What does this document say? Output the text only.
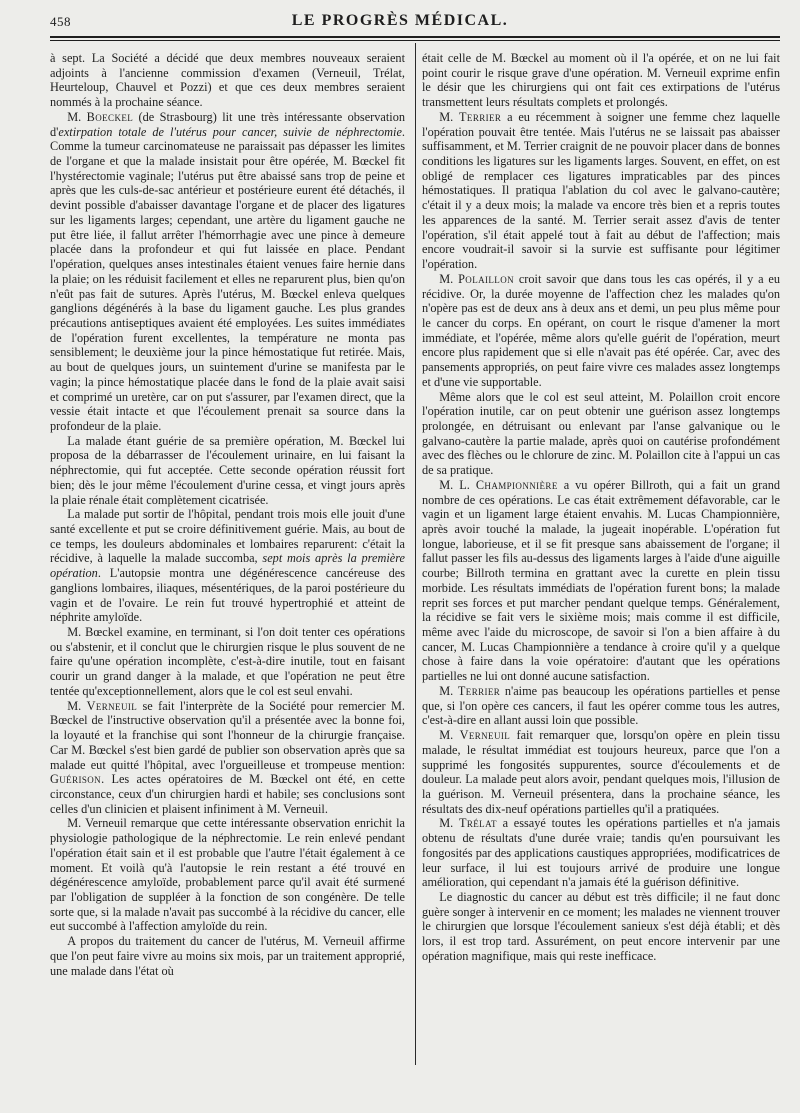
458	LE PROGRÈS MÉDICAL.

à sept. La Société a décidé que deux membres nouveaux seraient adjoints à l'ancienne commission d'examen (Verneuil, Trélat, Heurteloup, Chauvel et Pozzi) et que ces deux membres seraient nommés à la prochaine séance.

M. Boeckel (de Strasbourg) lit une très intéressante observation d'extirpation totale de l'utérus pour cancer, suivie de néphrectomie. Comme la tumeur carcinomateuse ne paraissait pas dépasser les limites de l'organe et que la malade insistait pour être opérée, M. Bœckel fit l'hystérectomie vaginale; l'utérus put être abaissé sans trop de peine et après que les culs-de-sac antérieur et postérieure eurent été détachés, il devint possible d'abaisser davantage l'organe et de placer des ligatures sur les ligaments larges; cependant, une artère du ligament gauche ne put être liée, il fallut arrêter l'hémorrhagie avec une pince à demeure placée dans la profondeur et qui fut laissée en place. Pendant l'opération, quelques anses intestinales étaient venues faire hernie dans la plaie; on les réduisit facilement et elles ne reparurent plus, bien qu'on n'eût pas fait de sutures. Après l'utérus, M. Bœckel enleva quelques ganglions dégénérés à la base du ligament gauche. Les plus grandes précautions antiseptiques avaient été employées. Les suites immédiates de l'opération furent excellentes, la température ne monta pas sensiblement; le deuxième jour la pince hémostatique fut retirée. Mais, au bout de quelques jours, un suintement d'urine se manifesta par le vagin; la pince hémostatique placée dans le fond de la plaie avait saisi et comprimé un uretère, car on put s'assurer, par l'examen direct, que la vessie était intacte et que l'écoulement prenait sa source dans la profondeur de la plaie.

La malade étant guérie de sa première opération, M. Bœckel lui proposa de la débarrasser de l'écoulement urinaire, en lui faisant la néphrectomie, qui fut acceptée. Cette seconde opération réussit fort bien; dès le jour même l'écoulement d'urine cessa, et vingt jours après la plaie rénale était complètement cicatrisée.

La malade put sortir de l'hôpital, pendant trois mois elle jouit d'une santé excellente et put se croire définitivement guérie. Mais, au bout de ce temps, les douleurs abdominales et lombaires reparurent: c'était la récidive, à laquelle la malade succomba, sept mois après la première opération. L'autopsie montra une dégénérescence cancéreuse des ganglions lombaires, iliaques, mésentériques, de la paroi postérieure du vagin et de l'ovaire. Le rein fut trouvé hypertrophié et atteint de néphrite amyloïde.

M. Bœckel examine, en terminant, si l'on doit tenter ces opérations ou s'abstenir, et il conclut que le chirurgien risque le plus souvent de ne faire qu'une opération incomplète, c'est-à-dire inutile, tout en faisant courir un grand danger à la malade, et que l'opération ne peut être tentée qu'exceptionnellement, alors que le col est seul envahi.

M. Verneuil se fait l'interprète de la Société pour remercier M. Bœckel de l'instructive observation qu'il a présentée avec la bonne foi, la loyauté et la franchise qui sont l'honneur de la chirurgie française. Car M. Bœckel s'est bien gardé de publier son observation après que sa malade eut quitté l'hôpital, avec l'orgueilleuse et trompeuse mention: Guérison. Les actes opératoires de M. Bœckel ont été, en cette circonstance, ceux d'un chirurgien hardi et habile; ses conclusions sont celles d'un clinicien et plaisent infiniment à M. Verneuil.

M. Verneuil remarque que cette intéressante observation enrichit la physiologie pathologique de la néphrectomie. Le rein enlevé pendant l'opération était sain et il est probable que l'autre l'était également à ce moment. Et voilà qu'à l'autopsie le rein restant a été trouvé en dégénérescence amyloïde, probablement parce qu'il avait été surmené par l'obligation de suppléer à la fonction de son congénère. De telle sorte que, si la malade n'avait pas succombé à la récidive du cancer, elle eut succombé à l'affection amyloïde du rein.

A propos du traitement du cancer de l'utérus, M. Verneuil affirme que l'on peut faire vivre au moins six mois, par un traitement approprié, une malade dans l'état où

était celle de M. Bœckel au moment où il l'a opérée, et on ne lui fait point courir le risque grave d'une opération. M. Verneuil exprime enfin le désir que les chirurgiens qui ont fait ces extirpations de l'utérus transmettent leurs résultats complets et prolongés.

M. Terrier a eu récemment à soigner une femme chez laquelle l'opération pouvait être tentée. Mais l'utérus ne se laissait pas abaisser suffisamment, et M. Terrier craignit de ne pouvoir placer dans de bonnes conditions les ligatures sur les ligaments larges. Souvent, en effet, on est obligé de remplacer ces ligatures impraticables par des pinces hémostatiques. Il pratiqua l'ablation du col avec le galvano-cautère; c'était il y a deux mois; la malade va encore très bien et a repris toutes les apparences de la santé. M. Terrier serait assez d'avis de tenter l'opération, s'il était appelé tout à fait au début de l'affection; mais encore voudrait-il savoir si la survie est suffisante pour légitimer l'opération.

M. Polaillon croit savoir que dans tous les cas opérés, il y a eu récidive. Or, la durée moyenne de l'affection chez les malades qu'on n'opère pas est de deux ans à deux ans et demi, un peu plus même pour le cancer du corps. En opérant, on court le risque d'amener la mort immédiate, et l'opérée, même alors qu'elle guérit de l'opération, meurt encore plus rapidement que si elle n'avait pas été opérée. Car, avec des pansements appropriés, on peut faire vivre ces malades assez longtemps et d'une vie supportable.

Même alors que le col est seul atteint, M. Polaillon croit encore l'opération inutile, car on peut obtenir une guérison assez longtemps prolongée, en détruisant ou enlevant par l'anse galvanique ou le galvano-cautère la partie malade, après quoi on cautérise profondément avec des flèches ou le chlorure de zinc. M. Polaillon cite à l'appui un cas de sa pratique.

M. L. Championnière a vu opérer Billroth, qui a fait un grand nombre de ces opérations. Le cas était extrêmement défavorable, car le vagin et un ligament large étaient envahis. M. Lucas Championnière, après avoir touché la malade, la jugeait inopérable. L'opération fut longue, laborieuse, et il se fit presque sans abaissement de l'organe; il fallut passer les fils au-dessus des ligaments larges à l'aide d'une aiguille courbe; Billroth termina en grattant avec la curette en plein tissu morbide. Les résultats immédiats de l'opération furent bons; la malade reprit ses forces et put marcher pendant quelque temps. Généralement, la récidive se fait vers le sixième mois; mais comme il est difficile, même avec l'aide du microscope, de savoir si l'on a bien affaire à du cancer, M. Lucas Championnière a tendance à croire qu'il y a quelque chose à faire dans la voie opératoire: d'autant que les opérations partielles ne lui ont donné aucune satisfaction.

M. Terrier n'aime pas beaucoup les opérations partielles et pense que, si l'on opère ces cancers, il faut les opérer comme tous les autres, c'est-à-dire en allant aussi loin que possible.

M. Verneuil fait remarquer que, lorsqu'on opère en plein tissu malade, le résultat immédiat est toujours heureux, parce que l'on a supprimé les fongosités suppurentes, source d'écoulements et de douleur. La malade peut alors avoir, pendant quelques mois, l'illusion de la guérison. M. Verneuil présentera, dans la prochaine séance, les résultats des dix-neuf opérations partielles qu'il a pratiquées.

M. Trélat a essayé toutes les opérations partielles et n'a jamais obtenu de résultats d'une durée vraie; tandis qu'en poursuivant les fongosités par des applications caustiques appropriées, modificatrices de leur surface, il lui est toujours arrivé de produire une longue amélioration, qui cependant n'a jamais été la guérison définitive.

Le diagnostic du cancer au début est très difficile; il ne faut donc guère songer à intervenir en ce moment; les malades ne viennent trouver le chirurgien que lorsque l'écoulement sanieux s'est déjà établi; et dès lors, il est trop tard. Assurément, on peut encore intervenir par une opération magnifique, mais qui reste inefficace.
